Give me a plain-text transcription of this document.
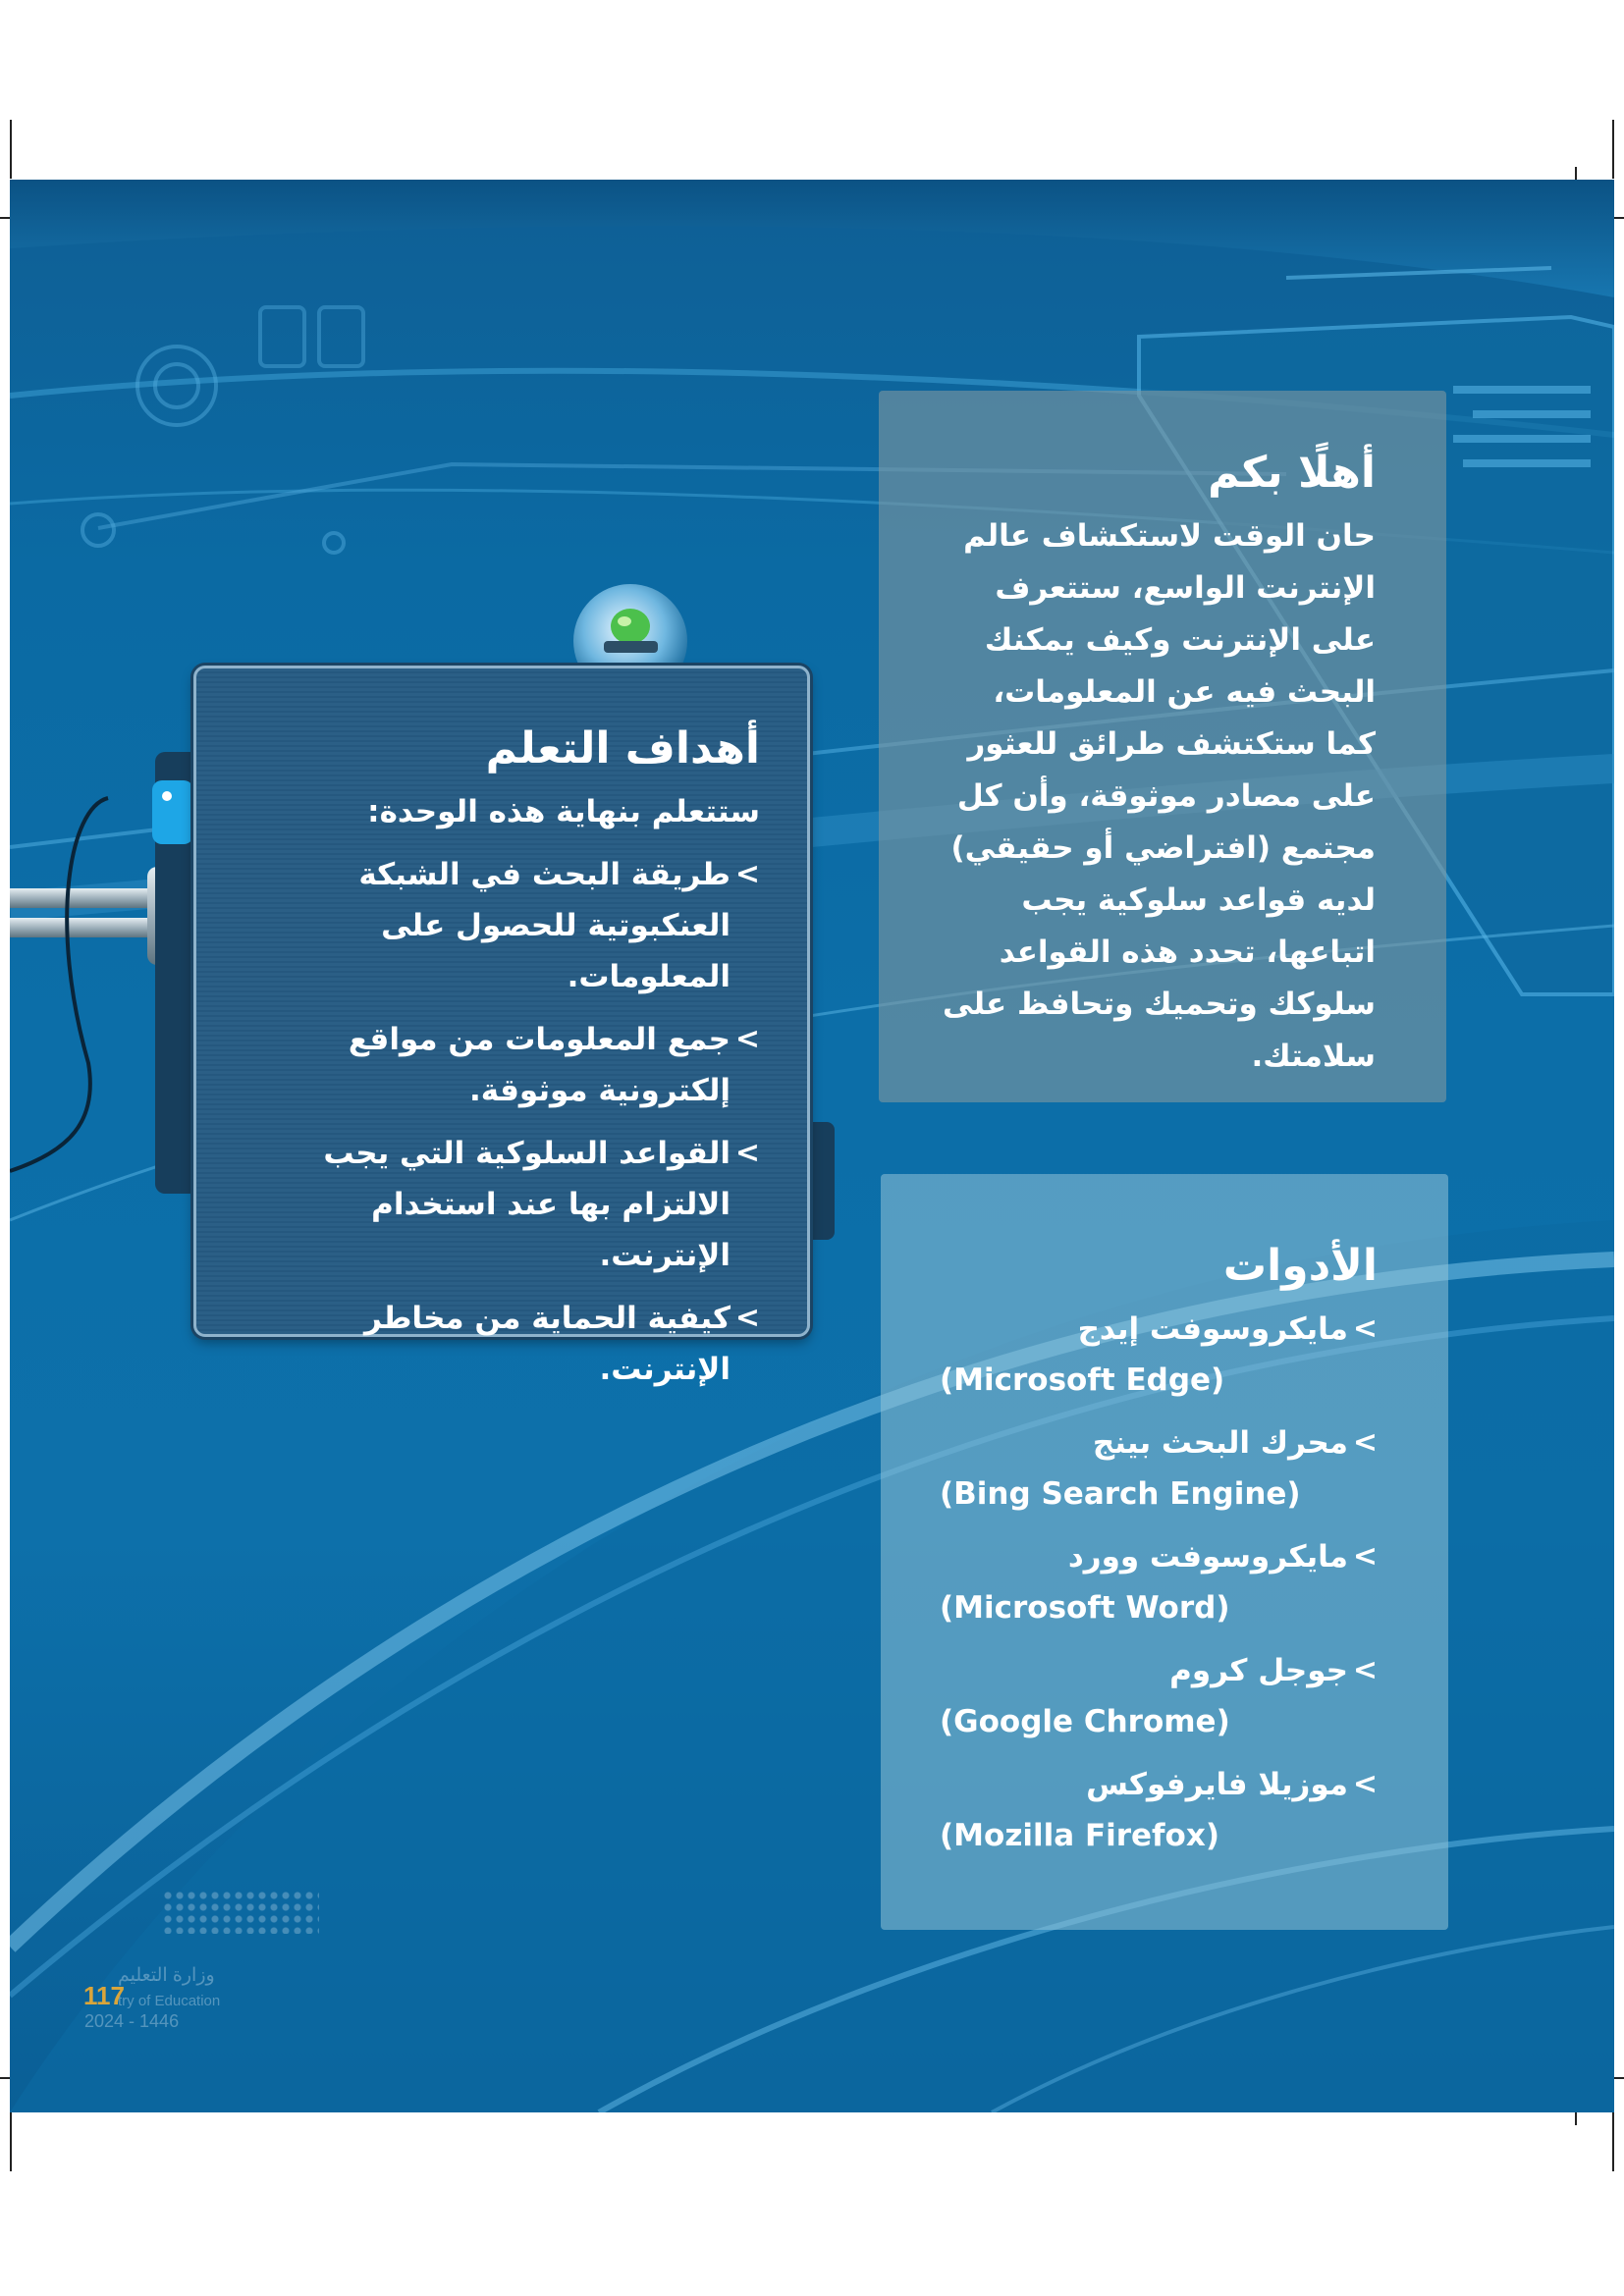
أهلًا بكم

حان الوقت لاستكشاف عالم الإنترنت الواسع، ستتعرف على الإنترنت وكيف يمكنك البحث فيه عن المعلومات، كما ستكتشف طرائق للعثور على مصادر موثوقة، وأن كل مجتمع (افتراضي أو حقيقي) لديه قواعد سلوكية يجب اتباعها، تحدد هذه القواعد سلوكك وتحميك وتحافظ على سلامتك.

أهداف التعلم

ستتعلم بنهاية هذه الوحدة:

>
طريقة البحث في الشبكة العنكبوتية للحصول على المعلومات.
>
جمع المعلومات من مواقع إلكترونية موثوقة.
>
القواعد السلوكية التي يجب الالتزام بها عند استخدام الإنترنت.
>
كيفية الحماية من مخاطر الإنترنت.
الأدوات
>
مايكروسوفت إيدج
(Microsoft Edge)
>
محرك البحث بينج
(Bing Search Engine)
>
مايكروسوفت وورد
(Microsoft Word)
>
جوجل كروم
(Google Chrome)
>
موزيلا فايرفوكس
(Mozilla Firefox)
وزارة التعليم
try of Education
117
2024 - 1446
